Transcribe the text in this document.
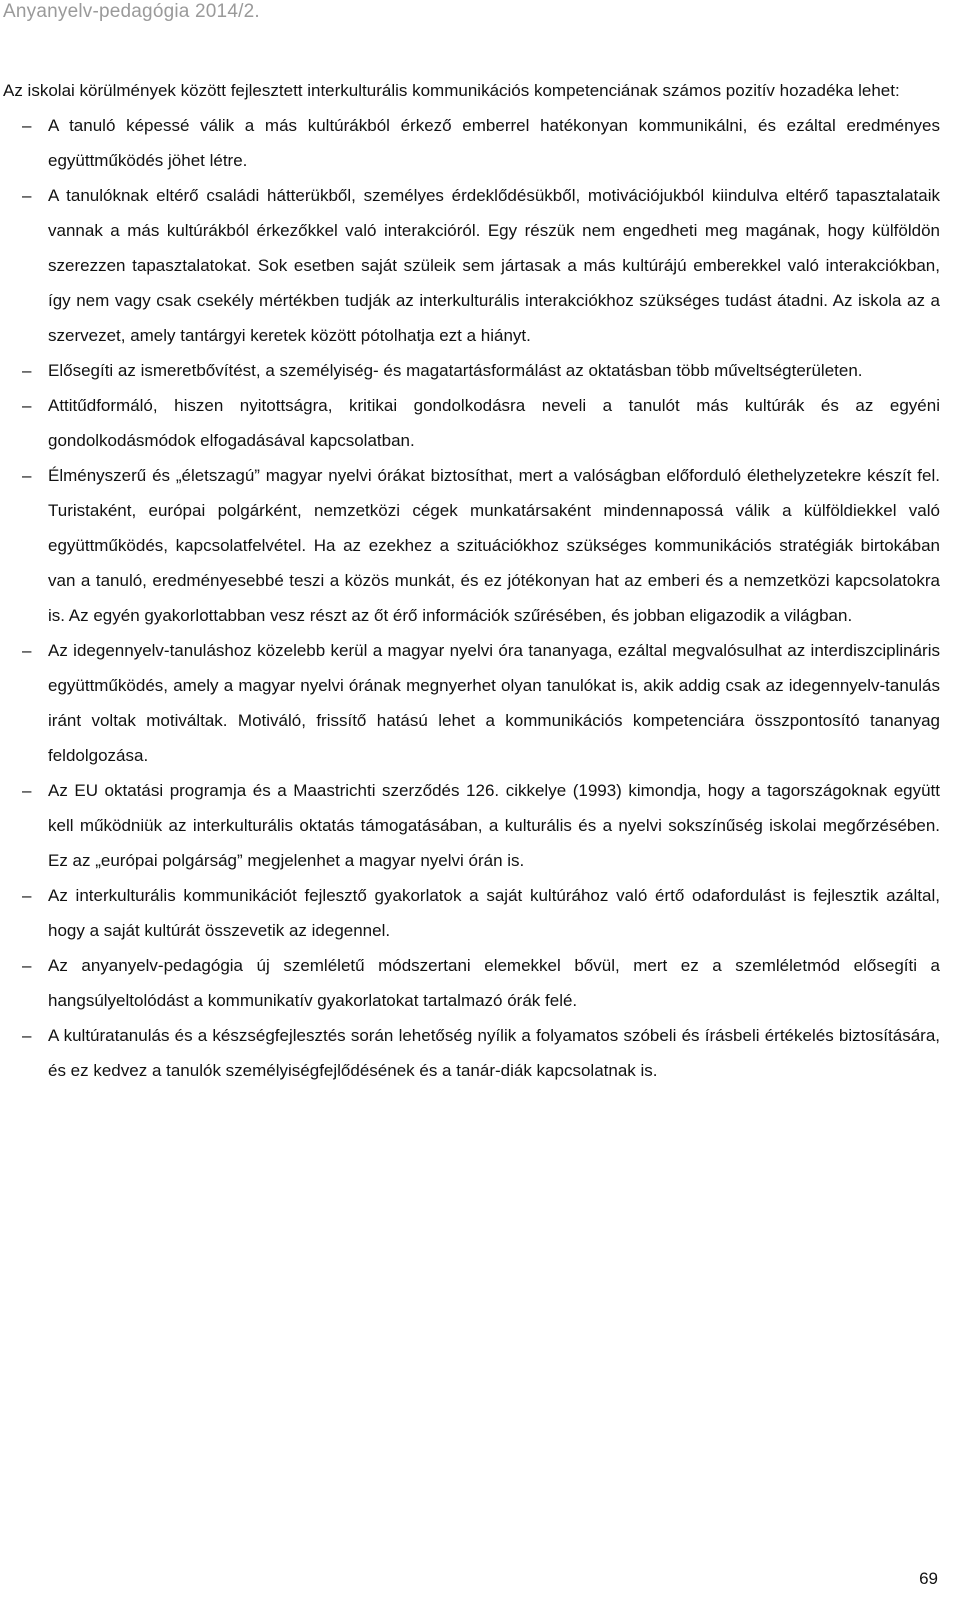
Anyanyelv-pedagógia 2014/2.

Az iskolai körülmények között fejlesztett interkulturális kommunikációs kompetenciának számos pozitív hozadéka lehet:

– A tanuló képessé válik a más kultúrákból érkező emberrel hatékonyan kommunikálni, és ezáltal eredményes együttműködés jöhet létre.
– A tanulóknak eltérő családi hátterükből, személyes érdeklődésükből, motivációjukból kiindulva eltérő tapasztalataik vannak a más kultúrákból érkezőkkel való interakcióról. Egy részük nem engedheti meg magának, hogy külföldön szerezzen tapasztalatokat. Sok esetben saját szüleik sem jártasak a más kultúrájú emberekkel való interakciókban, így nem vagy csak csekély mértékben tudják az interkulturális interakciókhoz szükséges tudást átadni. Az iskola az a szervezet, amely tantárgyi keretek között pótolhatja ezt a hiányt.
– Elősegíti az ismeretbővítést, a személyiség- és magatartásformálást az oktatásban több műveltségterületen.
– Attitűdformáló, hiszen nyitottságra, kritikai gondolkodásra neveli a tanulót más kultúrák és az egyéni gondolkodásmódok elfogadásával kapcsolatban.
– Élményszerű és „életszagú” magyar nyelvi órákat biztosíthat, mert a valóságban előforduló élethelyzetekre készít fel. Turistaként, európai polgárként, nemzetközi cégek munkatársaként mindennapossá válik a külföldiekkel való együttműködés, kapcsolatfelvétel. Ha az ezekhez a szituációkhoz szükséges kommunikációs stratégiák birtokában van a tanuló, eredményesebbé teszi a közös munkát, és ez jótékonyan hat az emberi és a nemzetközi kapcsolatokra is. Az egyén gyakorlottabban vesz részt az őt érő információk szűrésében, és jobban eligazodik a világban.
– Az idegennyelv-tanuláshoz közelebb kerül a magyar nyelvi óra tananyaga, ezáltal megvalósulhat az interdiszciplináris együttműködés, amely a magyar nyelvi órának megnyerhet olyan tanulókat is, akik addig csak az idegennyelv-tanulás iránt voltak motiváltak. Motiváló, frissítő hatású lehet a kommunikációs kompetenciára összpontosító tananyag feldolgozása.
– Az EU oktatási programja és a Maastrichti szerződés 126. cikkelye (1993) kimondja, hogy a tagországoknak együtt kell működniük az interkulturális oktatás támogatásában, a kulturális és a nyelvi sokszínűség iskolai megőrzésében. Ez az „európai polgárság” megjelenhet a magyar nyelvi órán is.
– Az interkulturális kommunikációt fejlesztő gyakorlatok a saját kultúrához való értő odafordulást is fejlesztik azáltal, hogy a saját kultúrát összevetik az idegennel.
– Az anyanyelv-pedagógia új szemléletű módszertani elemekkel bővül, mert ez a szemléletmód elősegíti a hangsúlyeltolódást a kommunikatív gyakorlatokat tartalmazó órák felé.
– A kultúratanulás és a készségfejlesztés során lehetőség nyílik a folyamatos szóbeli és írásbeli értékelés biztosítására, és ez kedvez a tanulók személyiségfejlődésének és a tanár-diák kapcsolatnak is.
69
